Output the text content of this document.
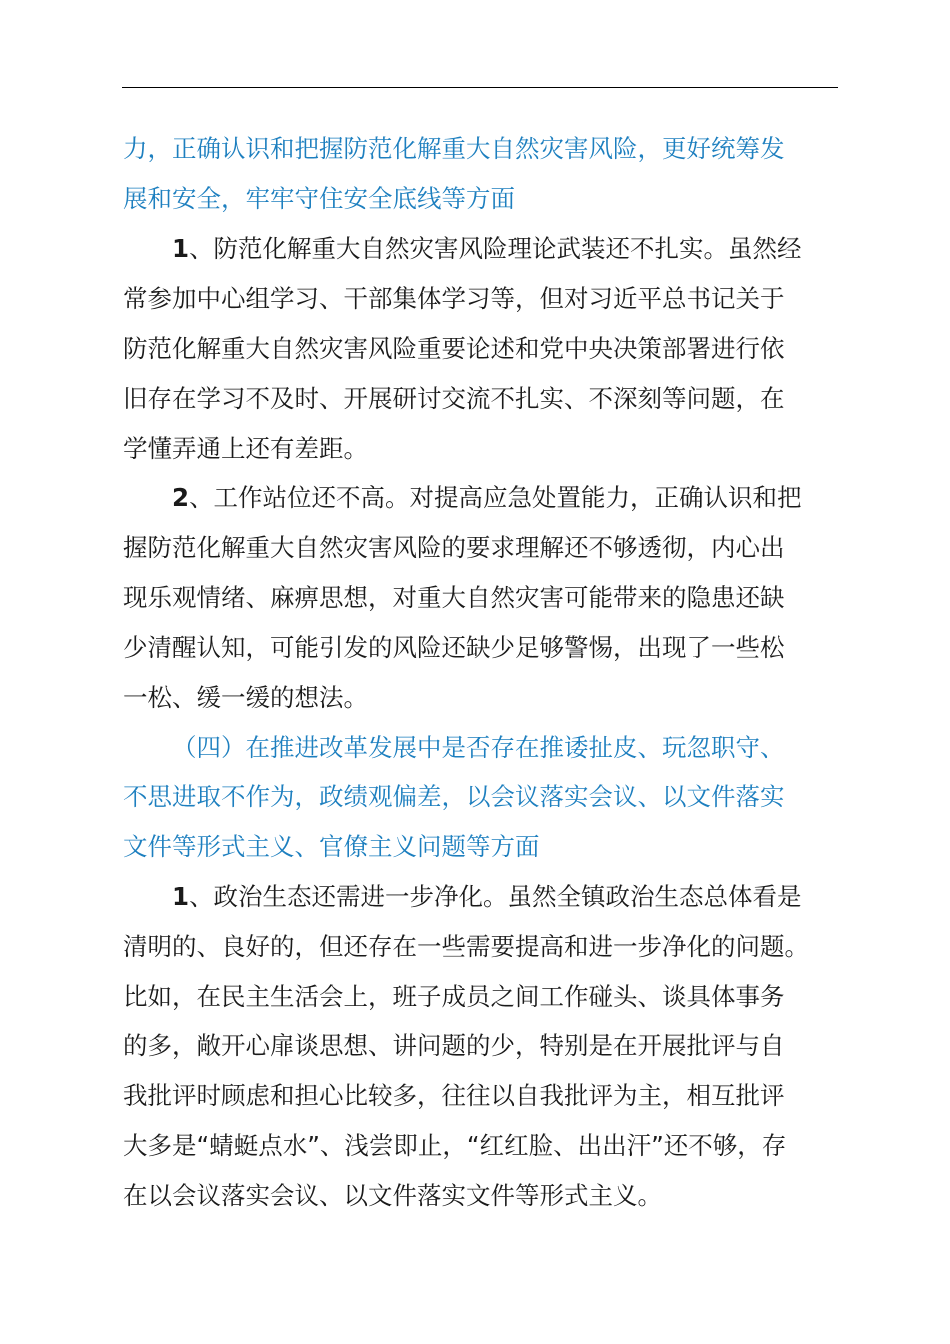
力，正确认识和把握防范化解重大自然灾害风险，更好统筹发
展和安全，牢牢守住安全底线等方面
1、防范化解重大自然灾害风险理论武装还不扎实。虽然经
常参加中心组学习、干部集体学习等，但对习近平总书记关于
防范化解重大自然灾害风险重要论述和党中央决策部署进行依
旧存在学习不及时、开展研讨交流不扎实、不深刻等问题，在
学懂弄通上还有差距。
2、工作站位还不高。对提高应急处置能力，正确认识和把
握防范化解重大自然灾害风险的要求理解还不够透彻，内心出
现乐观情绪、麻痹思想，对重大自然灾害可能带来的隐患还缺
少清醒认知，可能引发的风险还缺少足够警惕，出现了一些松
一松、缓一缓的想法。
（四）在推进改革发展中是否存在推诿扯皮、玩忽职守、
不思进取不作为，政绩观偏差，以会议落实会议、以文件落实
文件等形式主义、官僚主义问题等方面
1、政治生态还需进一步净化。虽然全镇政治生态总体看是
清明的、良好的，但还存在一些需要提高和进一步净化的问题。
比如，在民主生活会上，班子成员之间工作碰头、谈具体事务
的多，敞开心扉谈思想、讲问题的少，特别是在开展批评与自
我批评时顾虑和担心比较多，往往以自我批评为主，相互批评
大多是“蜻蜓点水”、浅尝即止，“红红脸、出出汗”还不够，存
在以会议落实会议、以文件落实文件等形式主义。
